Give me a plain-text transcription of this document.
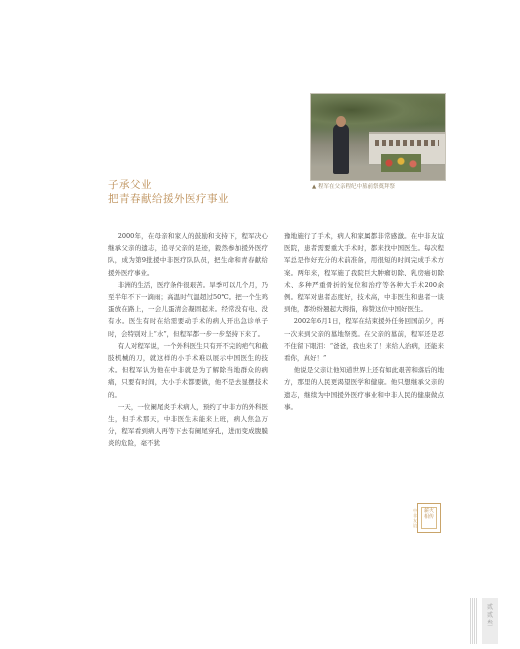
▲ 程军在父亲程纪中墓前祭奠拜祭
子承父业
把青春献给援外医疗事业

2000年，在母亲和家人的鼓励和支持下，程军决心继承父亲的遗志，追寻父亲的足迹，毅然参加援外医疗队，成为第9批援中非医疗队队员，把生命和青春献给援外医疗事业。

非洲的生活，医疗条件很艰苦。旱季可以几个月，乃至半年不下一滴雨；高温时气温超过50℃。把一个生鸡蛋放在路上，一会儿蛋清会凝固起来。经常没有电、没有水。医生有时在给需要动手术的病人开出急诊单子时，会特别对上“水”，但程军都一步一步坚持下来了。

有人对程军说，一个外科医生只有开不完的疤气和截肢机械的刀，就这样的小手术难以展示中国医生的技术。但程军认为他在中非就是为了解除当地群众的病痛，只要有时间，大小手术都要做，他不是去显摆技术的。

一天，一位阑尾炎手术病人，预约了中非方的外科医生，但手术那天，中非医生未能来上班，病人焦急万分，程军看到病人再等下去有阑尾穿孔，进而变成腹膜炎的危险，毫不犹

豫地施行了手术，病人和家属都非常感激。在中非友谊医院，患者需要重大手术时，都来找中国医生。每次程军总是作好充分的术前准备，用很短的时间完成手术方案。两年来，程军施了我院巨大肿瘤切除、乳房癌切除术、多种严重骨折的复位和治疗等各种大手术200余例。程军对患者态度好，技术高，中非医生和患者一谈到他，都纷纷翘起大拇指，称赞这位中国好医生。

2002年6月1日，程军在结束援外任务回国前夕，再一次来到父亲的墓地祭奠。在父亲的墓前，程军还是忍不住留下眼泪：“爸爸，我也来了！来给人治病，还能来看你，真好！”

他说是父亲让他知道世界上还有如此艰苦和落后的地方，那里的人民更渴望医学和健康。他只想继承父亲的遗志，继续为中国援外医疗事业和中非人民的健康做点事。

中非友谊
薪火相传
贰贰叁
